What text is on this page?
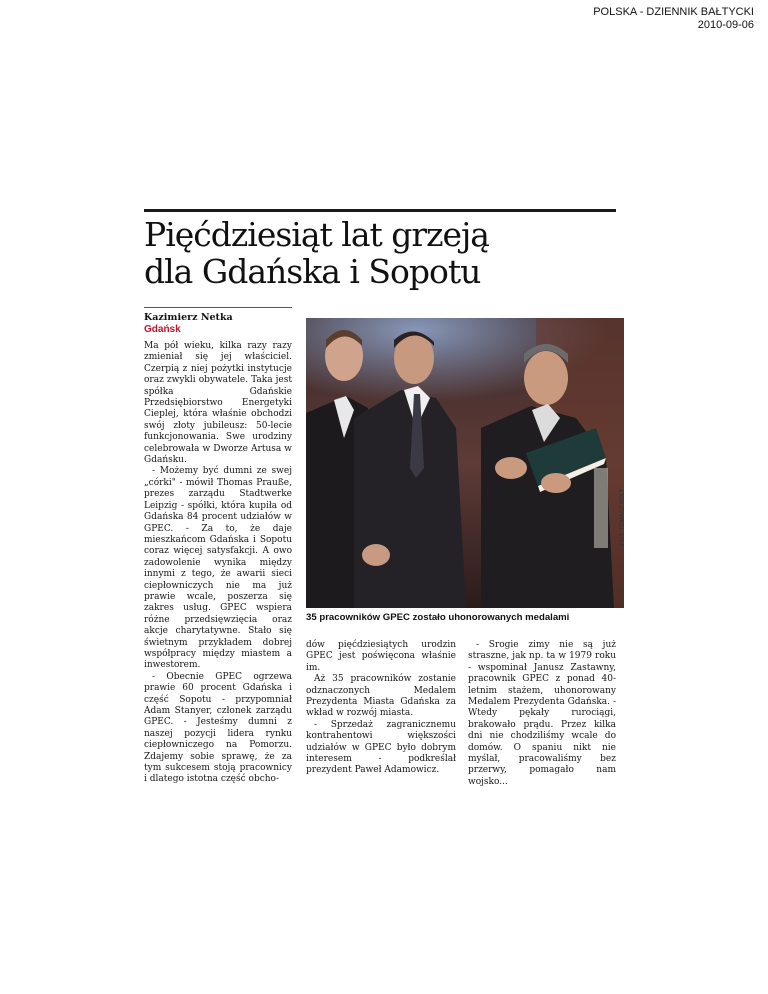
POLSKA - DZIENNIK BAŁTYCKI
2010-09-06
Pięćdziesiąt lat grzeją
dla Gdańska i Sopotu
Kazimierz Netka
Gdańsk

Ma pół wieku, kilka razy razy zmieniał się jej właściciel. Czerpią z niej pożytki instytucje oraz zwykli obywatele. Taka jest spółka Gdańskie Przedsiębiorstwo Energetyki Cieplej, która właśnie obchodzi swój złoty jubileusz: 50-lecie funkcjonowania. Swe urodziny celebrowała w Dworze Artusa w Gdańsku.

- Możemy być dumni ze swej „córki" - mówił Thomas Prauße, prezes zarządu Stadtwerke Leipzig - spółki, która kupiła od Gdańska 84 procent udziałów w GPEC. - Za to, że daje mieszkańcom Gdańska i Sopotu coraz więcej satysfakcji. A owo zadowolenie wynika między innymi z tego, że awarii sieci ciepłowniczych nie ma już prawie wcale, poszerza się zakres usług. GPEC wspiera różne przedsięwzięcia oraz akcje charytatywne. Stało się świetnym przykładem dobrej współpracy między miastem a inwestorem.

- Obecnie GPEC ogrzewa prawie 60 procent Gdańska i część Sopotu - przypomniał Adam Stanyer, członek zarządu GPEC. - Jesteśmy dumni z naszej pozycji lidera rynku ciepłowniczego na Pomorzu. Zdajemy sobie sprawę, że za tym sukcesem stoją pracownicy i dlatego istotna część obcho-

FOT. TOMASZ BOLT
35 pracowników GPEC zostało uhonorowanych medalami

dów pięćdziesiątych urodzin GPEC jest poświęcona właśnie im.

Aż 35 pracowników zostanie odznaczonych Medalem Prezydenta Miasta Gdańska za wkład w rozwój miasta.

- Sprzedaż zagranicznemu kontrahentowi większości udziałów w GPEC było dobrym interesem - podkreślał prezydent Paweł Adamowicz.

- Srogie zimy nie są już straszne, jak np. ta w 1979 roku - wspominał Janusz Zastawny, pracownik GPEC z ponad 40-letnim stażem, uhonorowany Medalem Prezydenta Gdańska. - Wtedy pękały rurociągi, brakowało prądu. Przez kilka dni nie chodziliśmy wcale do domów. O spaniu nikt nie myślał, pracowaliśmy bez przerwy, pomagało nam wojsko...
